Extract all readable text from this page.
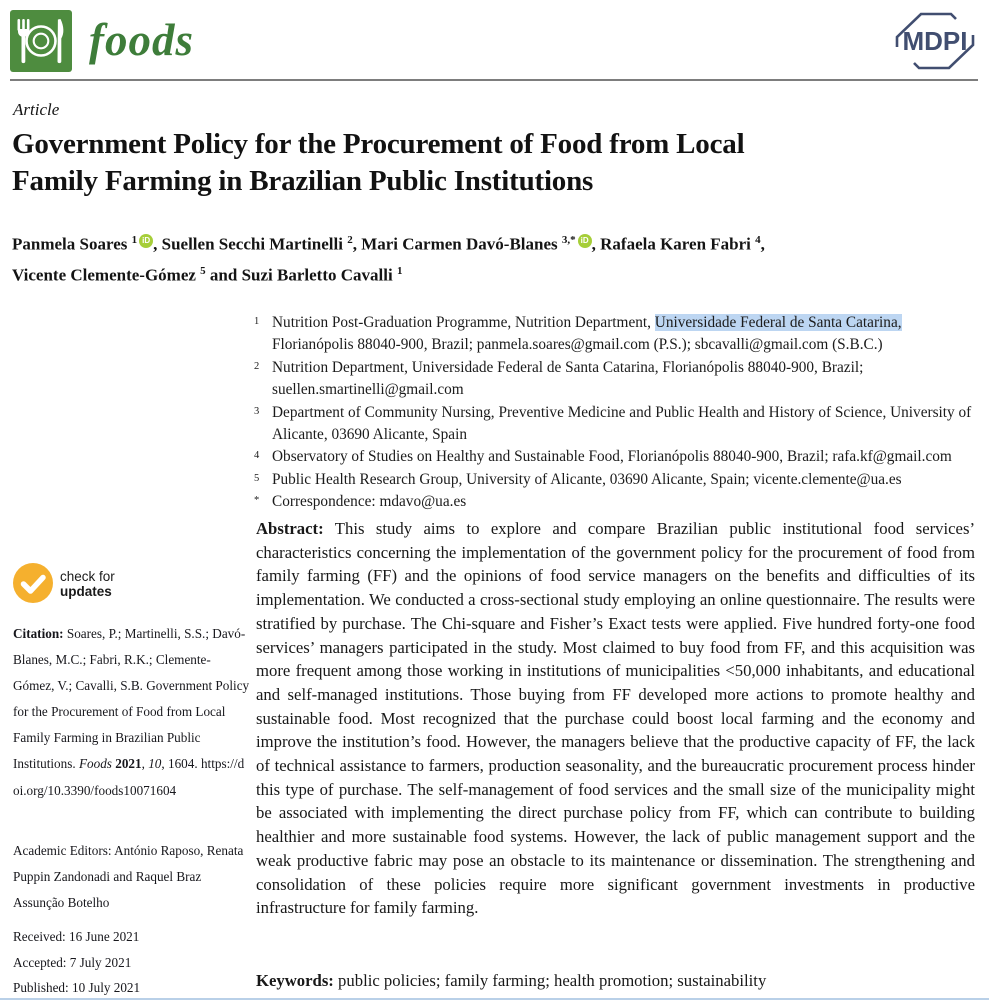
foods	MDPI
Article
Government Policy for the Procurement of Food from Local
Family Farming in Brazilian Public Institutions
Panmela Soares $^1$ iD , Suellen Secchi Martinelli $^2$, Mari Carmen Davó-Blanes $^{3,*}$ iD , Rafaela Karen Fabri $^4$,
Vicente Clemente-Gómez $^5$ and Suzi Barletto Cavalli $^1$
1 Nutrition Post-Graduation Programme, Nutrition Department, Universidade Federal de Santa Catarina, Florianópolis 88040-900, Brazil; panmela.soares@gmail.com (P.S.); sbcavalli@gmail.com (S.B.C.)
2 Nutrition Department, Universidade Federal de Santa Catarina, Florianópolis 88040-900, Brazil; suellen.smartinelli@gmail.com
3 Department of Community Nursing, Preventive Medicine and Public Health and History of Science, University of Alicante, 03690 Alicante, Spain
4 Observatory of Studies on Healthy and Sustainable Food, Florianópolis 88040-900, Brazil; rafa.kf@gmail.com
5 Public Health Research Group, University of Alicante, 03690 Alicante, Spain; vicente.clemente@ua.es
* Correspondence: mdavo@ua.es
check for
updates
Citation: Soares, P.; Martinelli, S.S.; Davó-Blanes, M.C.; Fabri, R.K.; Clemente-Gómez, V.; Cavalli, S.B. Government Policy for the Procurement of Food from Local Family Farming in Brazilian Public Institutions. Foods 2021, 10, 1604. https://doi.org/10.3390/foods10071604
Academic Editors: António Raposo, Renata Puppin Zandonadi and Raquel Braz Assunção Botelho
Received: 16 June 2021
Accepted: 7 July 2021
Published: 10 July 2021

Abstract: This study aims to explore and compare Brazilian public institutional food services’ characteristics concerning the implementation of the government policy for the procurement of food from family farming (FF) and the opinions of food service managers on the benefits and difficulties of its implementation. We conducted a cross-sectional study employing an online questionnaire. The results were stratified by purchase. The Chi-square and Fisher’s Exact tests were applied. Five hundred forty-one food services’ managers participated in the study. Most claimed to buy food from FF, and this acquisition was more frequent among those working in institutions of municipalities <50,000 inhabitants, and educational and self-managed institutions. Those buying from FF developed more actions to promote healthy and sustainable food. Most recognized that the purchase could boost local farming and the economy and improve the institution’s food. However, the managers believe that the productive capacity of FF, the lack of technical assistance to farmers, production seasonality, and the bureaucratic procurement process hinder this type of purchase. The self-management of food services and the small size of the municipality might be associated with implementing the direct purchase policy from FF, which can contribute to building healthier and more sustainable food systems. However, the lack of public management support and the weak productive fabric may pose an obstacle to its maintenance or dissemination. The strengthening and consolidation of these policies require more significant government investments in productive infrastructure for family farming.

Keywords: public policies; family farming; health promotion; sustainability
